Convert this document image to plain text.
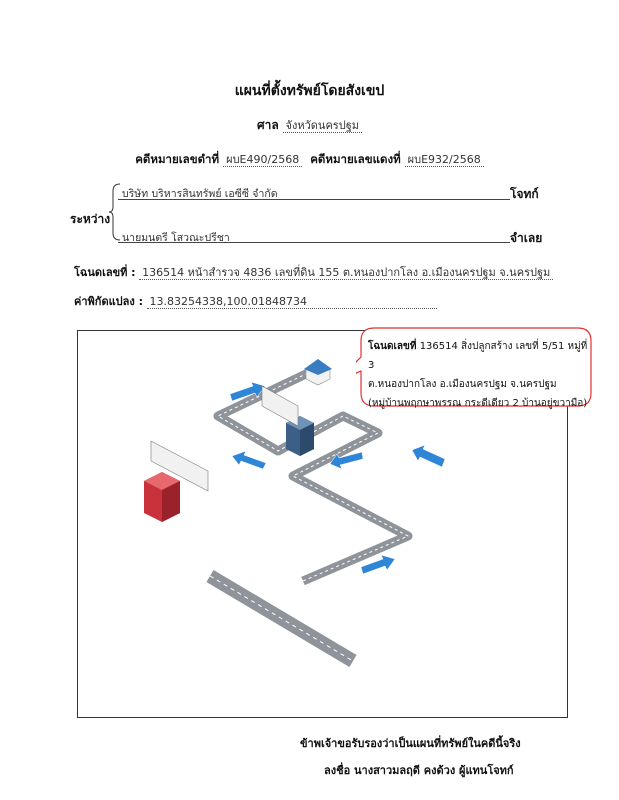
แผนที่ตั้งทรัพย์โดยสังเขป
ศาล จังหวัดนครปฐม
คดีหมายเลขดำที่ ผบE490/2568 คดีหมายเลขแดงที่ ผบE932/2568
ระหว่าง
บริษัท บริหารสินทรัพย์ เอซีซี จำกัด	โจทก์
นายมนตรี โสวณะปรีชา	จำเลย
โฉนดเลขที่ : 136514 หน้าสำรวจ 4836 เลขที่ดิน 155 ต.หนองปากโลง อ.เมืองนครปฐม จ.นครปฐม
ค่าพิกัดแปลง : 13.83254338,100.01848734
ถนน เพชรเกษม
โฉนดเลขที่ 136514 สิ่งปลูกสร้าง เลขที่ 5/51 หมู่ที่ 3
ต.หนองปากโลง อ.เมืองนครปฐม จ.นครปฐม
(หมู่บ้านพฤกษาพรรณ กระดีเดียว 2 บ้านอยู่ขวามือ)
ข้าพเจ้าขอรับรองว่าเป็นแผนที่ทรัพย์ในคดีนี้จริง
ลงชื่อ นางสาวมลฤดี คงด้วง ผู้แทนโจทก์
